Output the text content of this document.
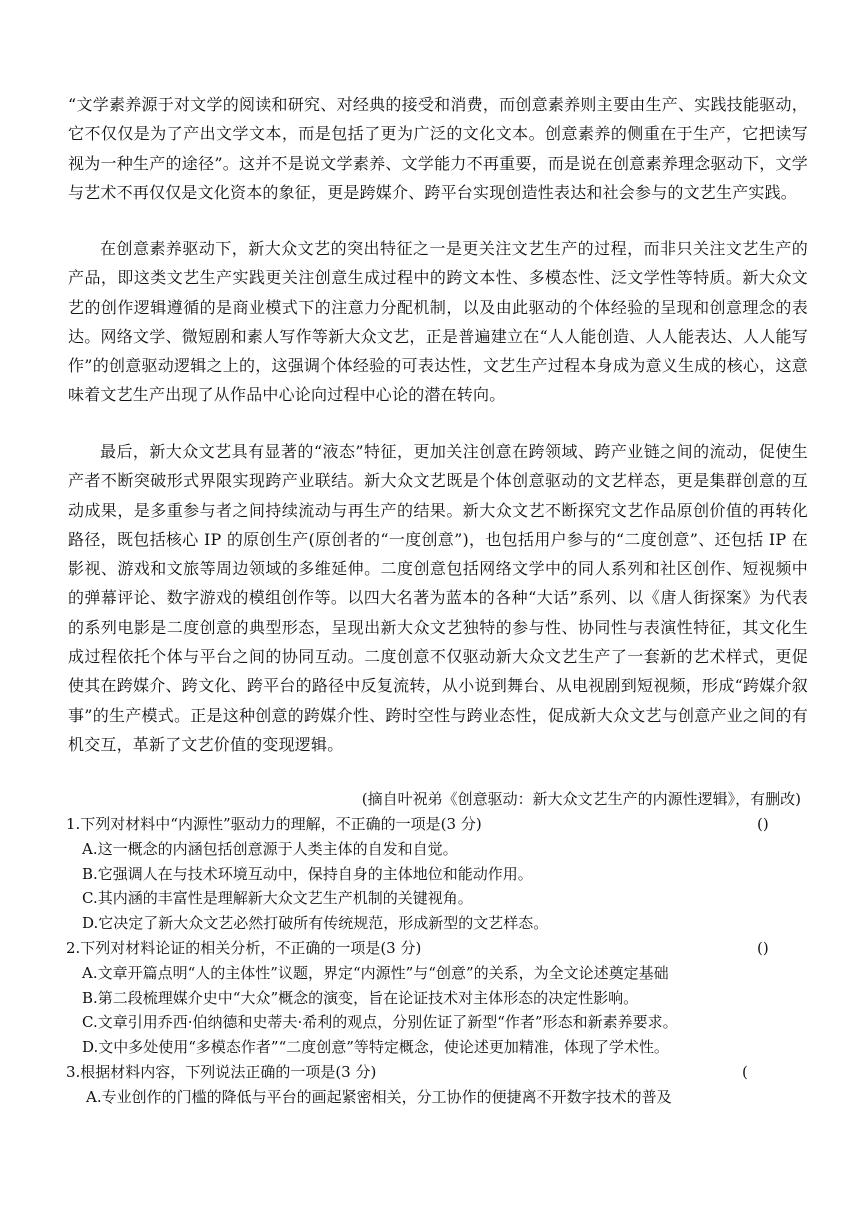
“文学素养源于对文学的阅读和研究、对经典的接受和消费，而创意素养则主要由生产、实践技能驱动，它不仅仅是为了产出文学文本，而是包括了更为广泛的文化文本。创意素养的侧重在于生产，它把读写视为一种生产的途径”。这并不是说文学素养、文学能力不再重要，而是说在创意素养理念驱动下，文学与艺术不再仅仅是文化资本的象征，更是跨媒介、跨平台实现创造性表达和社会参与的文艺生产实践。

在创意素养驱动下，新大众文艺的突出特征之一是更关注文艺生产的过程，而非只关注文艺生产的产品，即这类文艺生产实践更关注创意生成过程中的跨文本性、多模态性、泛文学性等特质。新大众文艺的创作逻辑遵循的是商业模式下的注意力分配机制，以及由此驱动的个体经验的呈现和创意理念的表达。网络文学、微短剧和素人写作等新大众文艺，正是普遍建立在“人人能创造、人人能表达、人人能写作”的创意驱动逻辑之上的，这强调个体经验的可表达性，文艺生产过程本身成为意义生成的核心，这意味着文艺生产出现了从作品中心论向过程中心论的潜在转向。

最后，新大众文艺具有显著的“液态”特征，更加关注创意在跨领域、跨产业链之间的流动，促使生产者不断突破形式界限实现跨产业联结。新大众文艺既是个体创意驱动的文艺样态，更是集群创意的互动成果，是多重参与者之间持续流动与再生产的结果。新大众文艺不断探究文艺作品原创价值的再转化路径，既包括核心 IP 的原创生产(原创者的“一度创意”)，也包括用户参与的“二度创意”、还包括 IP 在影视、游戏和文旅等周边领域的多维延伸。二度创意包括网络文学中的同人系列和社区创作、短视频中的弹幕评论、数字游戏的模组创作等。以四大名著为蓝本的各种“大话”系列、以《唐人街探案》为代表的系列电影是二度创意的典型形态，呈现出新大众文艺独特的参与性、协同性与表演性特征，其文化生成过程依托个体与平台之间的协同互动。二度创意不仅驱动新大众文艺生产了一套新的艺术样式，更促使其在跨媒介、跨文化、跨平台的路径中反复流转，从小说到舞台、从电视剧到短视频，形成“跨媒介叙事”的生产模式。正是这种创意的跨媒介性、跨时空性与跨业态性，促成新大众文艺与创意产业之间的有机交互，革新了文艺价值的变现逻辑。

(摘自叶祝弟《创意驱动：新大众文艺生产的内源性逻辑》，有删改)

1.下列对材料中“内源性”驱动力的理解，不正确的一项是(3 分)	()

A.这一概念的内涵包括创意源于人类主体的自发和自觉。

B.它强调人在与技术环境互动中，保持自身的主体地位和能动作用。

C.其内涵的丰富性是理解新大众文艺生产机制的关键视角。

D.它决定了新大众文艺必然打破所有传统规范，形成新型的文艺样态。

2.下列对材料论证的相关分析，不正确的一项是(3 分)	()

A.文章开篇点明“人的主体性”议题，界定“内源性”与“创意”的关系，为全文论述奠定基础

B.第二段梳理媒介史中“大众”概念的演变，旨在论证技术对主体形态的决定性影响。

C.文章引用乔西·伯纳德和史蒂夫·希利的观点，分别佐证了新型“作者”形态和新素养要求。

D.文中多处使用“多模态作者”“二度创意”等特定概念，使论述更加精准，体现了学术性。

3.根据材料内容，下列说法正确的一项是(3 分)	(

A.专业创作的门槛的降低与平台的画起紧密相关，分工协作的便捷离不开数字技术的普及
